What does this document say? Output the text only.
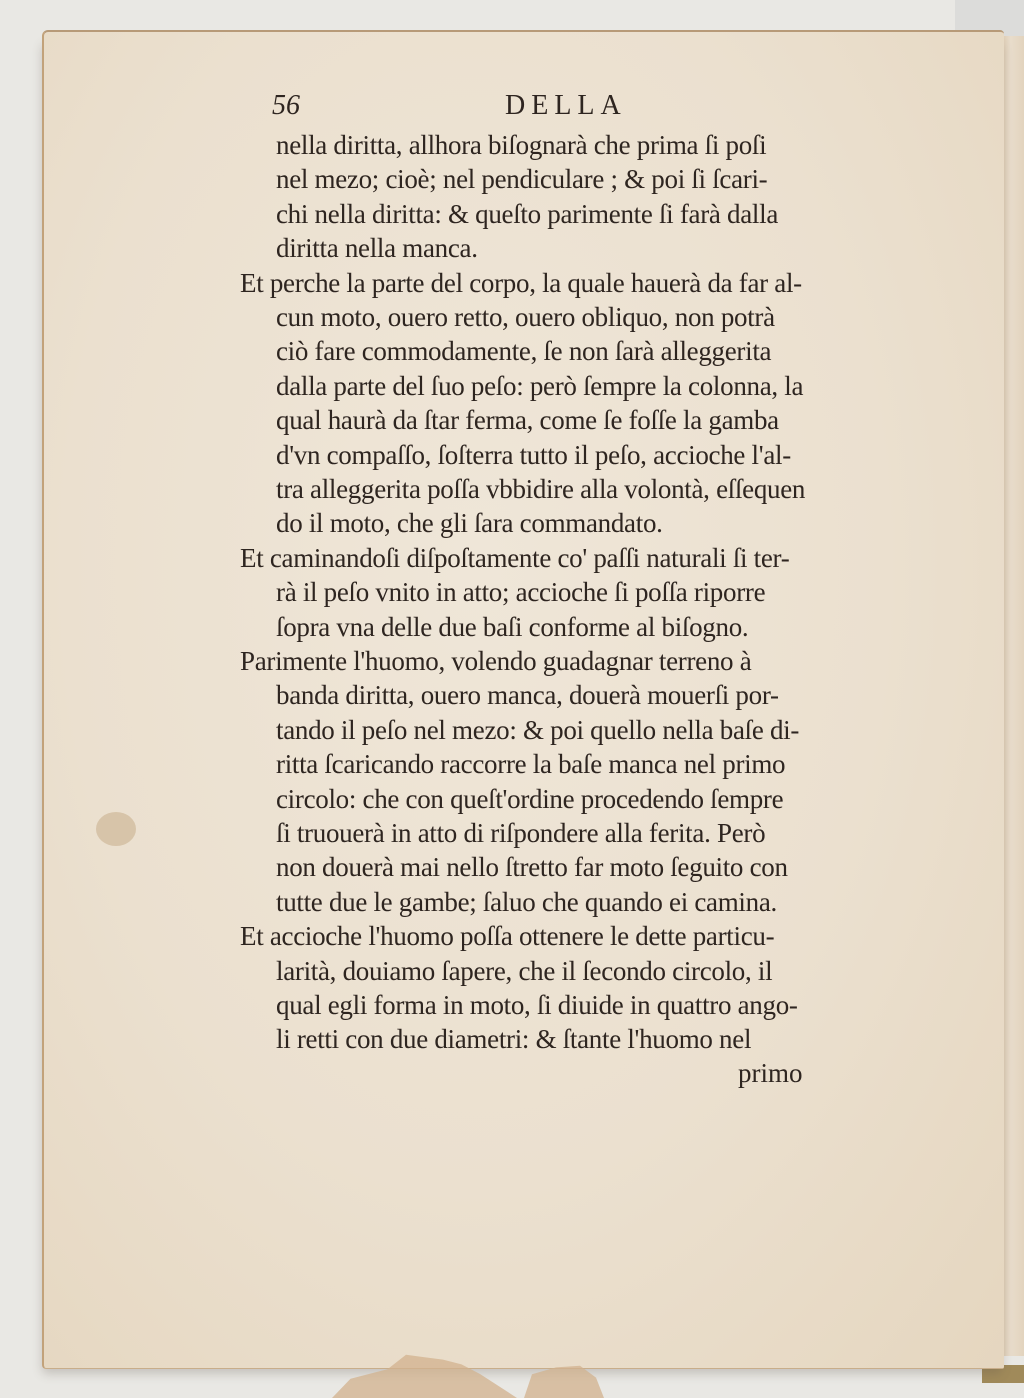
56	DELLA
nella diritta, allhora biſognarà che prima ſi poſi
nel mezo; cioè; nel pendiculare ; & poi ſi ſcari-
chi nella diritta: & queſto parimente ſi farà dalla
diritta nella manca.
Et perche la parte del corpo, la quale hauerà da far al-
cun moto, ouero retto, ouero obliquo, non potrà
ciò fare commodamente, ſe non ſarà alleggerita
dalla parte del ſuo peſo: però ſempre la colonna, la
qual haurà da ſtar ferma, come ſe foſſe la gamba
d'vn compaſſo, ſoſterra tutto il peſo, accioche l'al-
tra alleggerita poſſa vbbidire alla volontà, eſſequen
do il moto, che gli ſara commandato.
Et caminandoſi diſpoſtamente co' paſſi naturali ſi ter-
rà il peſo vnito in atto; accioche ſi poſſa riporre
ſopra vna delle due baſi conforme al biſogno.
Parimente l'huomo, volendo guadagnar terreno à
banda diritta, ouero manca, douerà mouerſi por-
tando il peſo nel mezo: & poi quello nella baſe di-
ritta ſcaricando raccorre la baſe manca nel primo
circolo: che con queſt'ordine procedendo ſempre
ſi truouerà in atto di riſpondere alla ferita. Però
non douerà mai nello ſtretto far moto ſeguito con
tutte due le gambe; ſaluo che quando ei camina.
Et accioche l'huomo poſſa ottenere le dette particu-
larità, douiamo ſapere, che il ſecondo circolo, il
qual egli forma in moto, ſi diuide in quattro ango-
li retti con due diametri: & ſtante l'huomo nel
primo
